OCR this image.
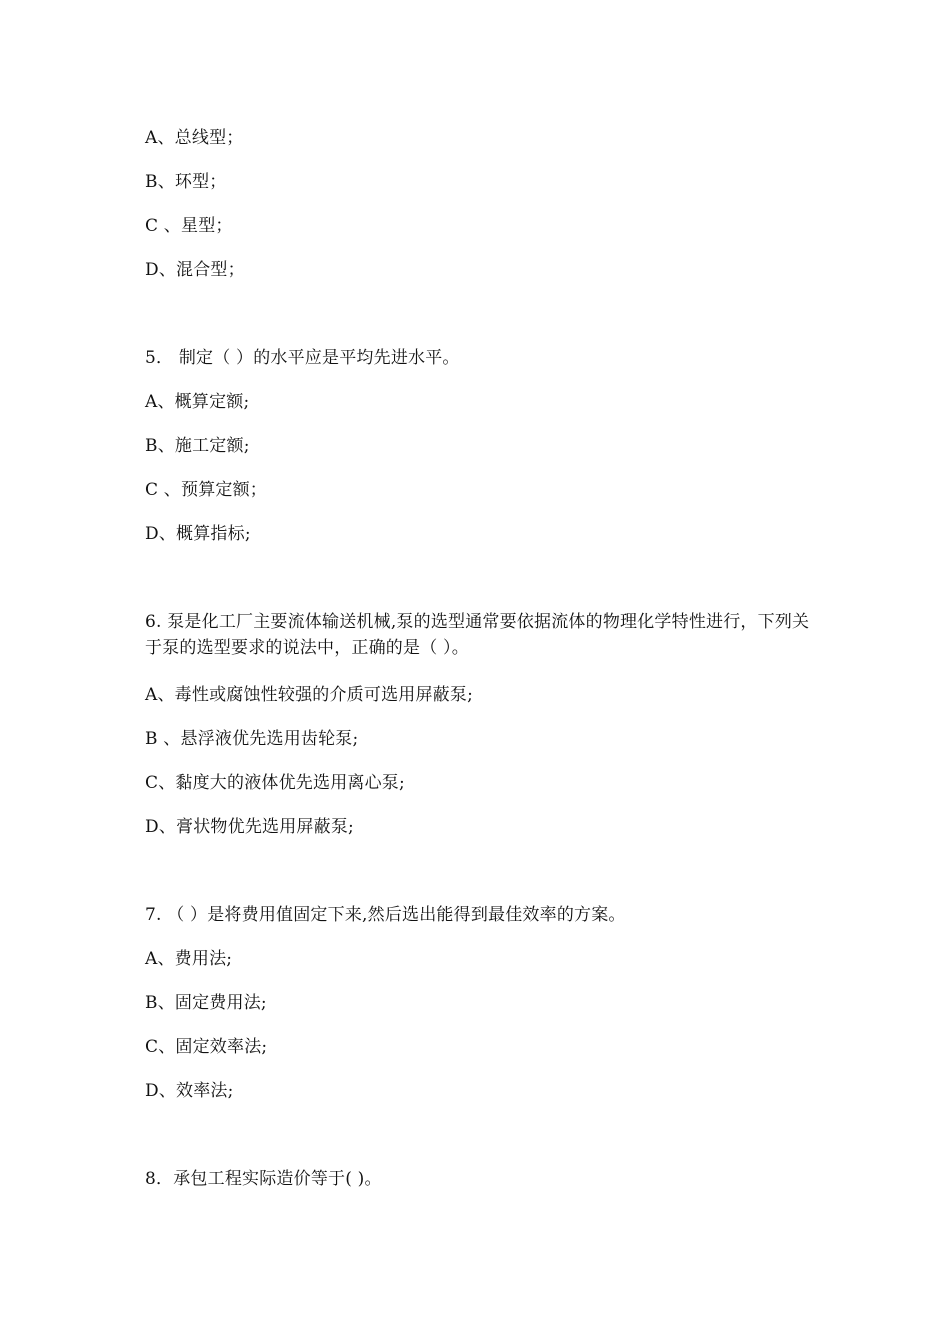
A、总线型；
B、环型；
C 、星型；
D、混合型；
5． 制定（ ）的水平应是平均先进水平。
A、概算定额;
B、施工定额;
C 、预算定额；
D、概算指标;
6. 泵是化工厂主要流体输送机械,泵的选型通常要依据流体的物理化学特性进行，下列关于泵的选型要求的说法中，正确的是（ ）。
A、毒性或腐蚀性较强的介质可选用屏蔽泵;
B 、悬浮液优先选用齿轮泵;
C、黏度大的液体优先选用离心泵;
D、膏状物优先选用屏蔽泵;
7. （ ）是将费用值固定下来,然后选出能得到最佳效率的方案。
A、费用法;
B、固定费用法;
C、固定效率法;
D、效率法;
8．承包工程实际造价等于( )。
